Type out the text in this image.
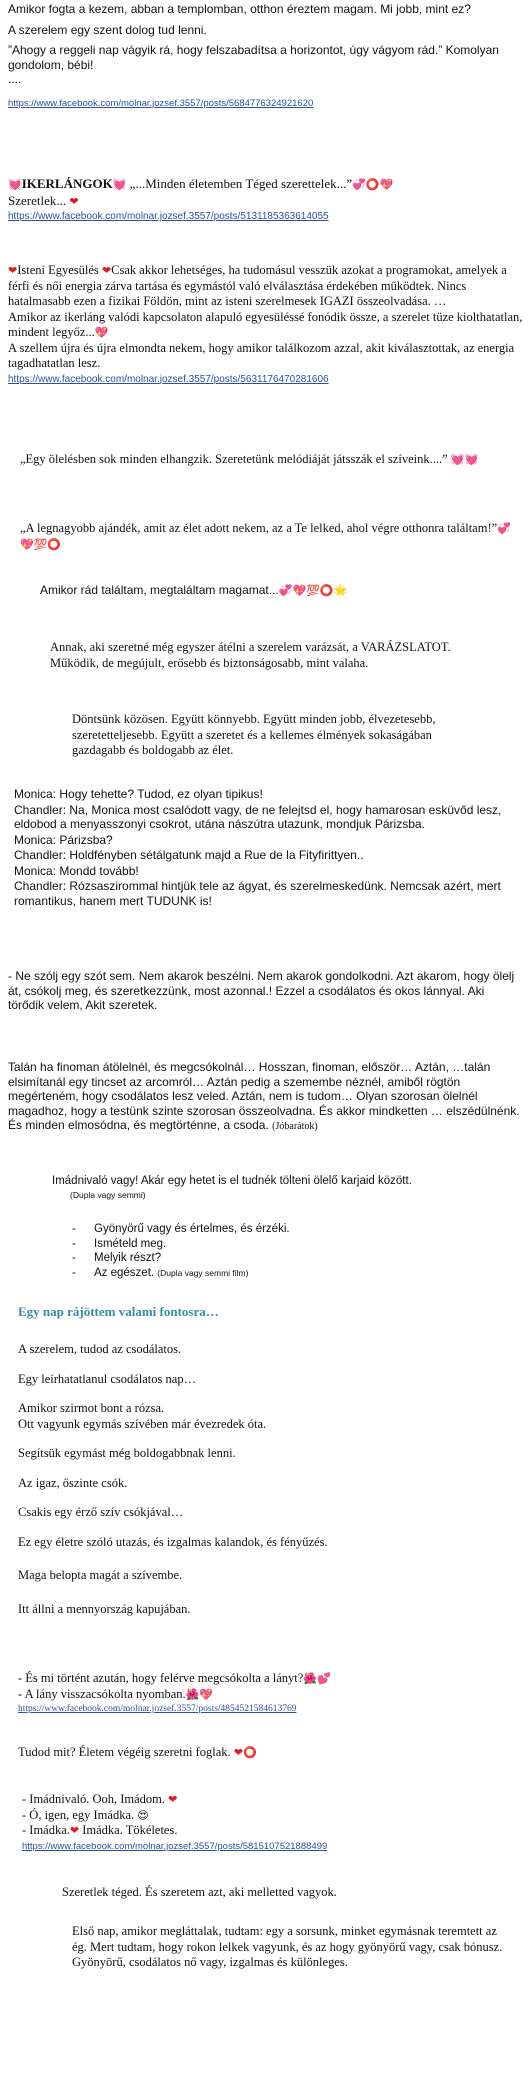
Amikor fogta a kezem, abban a templomban, otthon éreztem magam. Mi jobb, mint ez?

A szerelem egy szent dolog tud lenni.

”Ahogy a reggeli nap vágyik rá, hogy felszabadítsa a horizontot, úgy vágyom rád.” Komolyan gondolom, bébi!

....

https://www.facebook.com/molnar.jozsef.3557/posts/5684776324921620

💓IKERLÁNGOK💓 „...Minden életemben Téged szerettelek...”💞⭕💖

Szeretlek... ❤

https://www.facebook.com/molnar.jozsef.3557/posts/5131185363614055

❤Isteni Egyesülés ❤Csak akkor lehetséges, ha tudomásul vesszük azokat a programokat, amelyek a férfi és női energia zárva tartása és egymástól való elválasztása érdekében működtek. Nincs hatalmasabb ezen a fizikai Földön, mint az isteni szerelmesek IGAZI összeolvadása. …

Amikor az ikerláng valódi kapcsolaton alapuló egyesüléssé fonódik össze, a szerelet tüze kiolthatatlan, mindent legyőz...💖

A szellem újra és újra elmondta nekem, hogy amikor találkozom azzal, akit kiválasztottak, az energia tagadhatatlan lesz.

https://www.facebook.com/molnar.jozsef.3557/posts/5631176470281606
„Egy ölelésben sok minden elhangzik. Szeretetünk melódiáját játsszák el szíveink....” 💓💓
„A legnagyobb ajándék, amit az élet adott nekem, az a Te lelked, ahol végre otthonra találtam!”💞💖💯⭕
Amikor rád találtam, megtaláltam magamat...💞💖💯⭕🌟

Annak, aki szeretné még egyszer átélni a szerelem varázsát, a VARÁZSLATOT. Működik, de megújult, erősebb és biztonságosabb, mint valaha.

Döntsünk közösen. Együtt könnyebb. Együtt minden jobb, élvezetesebb, szeretetteljesebb. Együtt a szeretet és a kellemes élmények sokaságában gazdagabb és boldogabb az élet.

Monica: Hogy tehette? Tudod, ez olyan tipikus!

Chandler: Na, Monica most csalódott vagy, de ne felejtsd el, hogy hamarosan esküvőd lesz, eldobod a menyasszonyi csokrot, utána nászútra utazunk, mondjuk Párizsba.

Monica: Párizsba?

Chandler: Holdfényben sétálgatunk majd a Rue de la Fityfirittyen..

Monica: Mondd tovább!

Chandler: Rózsaszirommal hintjük tele az ágyat, és szerelmeskedünk. Nemcsak azért, mert romantikus, hanem mert TUDUNK is!

- Ne szólj egy szót sem. Nem akarok beszélni. Nem akarok gondolkodni. Azt akarom, hogy ölelj át, csókolj meg, és szeretkezzünk, most azonnal.! Ezzel a csodálatos és okos lánnyal. Aki törődik velem, Akit szeretek.

Talán ha finoman átölelnél, és megcsókolnál… Hosszan, finoman, először… Aztán, …talán elsimítanál egy tincset az arcomról… Aztán pedig a szemembe néznél, amiből rögtön megérteném, hogy csodálatos lesz veled. Aztán, nem is tudom… Olyan szorosan ölelnél magadhoz, hogy a testünk szinte szorosan összeolvadna. És akkor mindketten … elszédülnénk. És minden elmosódna, és megtörténne, a csoda. (Jóbarátok)

Imádnivaló vagy! Akár egy hetet is el tudnék tölteni ölelő karjaid között.

(Dupla vagy semmi)

- Gyönyörű vagy és értelmes, és érzéki.
- Ismételd meg.
- Melyik részt?
- Az egészet. (Dupla vagy semmi film)
Egy nap rájöttem valami fontosra…

A szerelem, tudod az csodálatos.

Egy leírhatatlanul csodálatos nap…

Amikor szirmot bont a rózsa.

Ott vagyunk egymás szívében már évezredek óta.

Segítsük egymást még boldogabbnak lenni.

Az igaz, őszinte csók.

Csakis egy érző szív csókjával…

Ez egy életre szóló utazás, és izgalmas kalandok, és fényűzés.

Maga belopta magát a szívembe.

Itt állni a mennyország kapujában.

- És mi történt azután, hogy felérve megcsókolta a lányt?🌺💕

- A lány visszacsókolta nyomban.🌺💖

https://www.facebook.com/molnar.jozsef.3557/posts/4854521584613769
Tudod mit? Életem végéig szeretni foglak. ❤⭕

- Imádnivaló. Ooh, Imádom. ❤

- Ó, igen, egy Imádka. 😍

- Imádka.❤ Imádka. Tökéletes.

https://www.facebook.com/molnar.jozsef.3557/posts/5815107521888499

Szeretlek téged. És szeretem azt, aki melletted vagyok.

Első nap, amikor megláttalak, tudtam: egy a sorsunk, minket egymásnak teremtett az ég. Mert tudtam, hogy rokon lelkek vagyunk, és az hogy gyönyörű vagy, csak bónusz. Gyönyörű, csodálatos nő vagy, izgalmas és különleges.
